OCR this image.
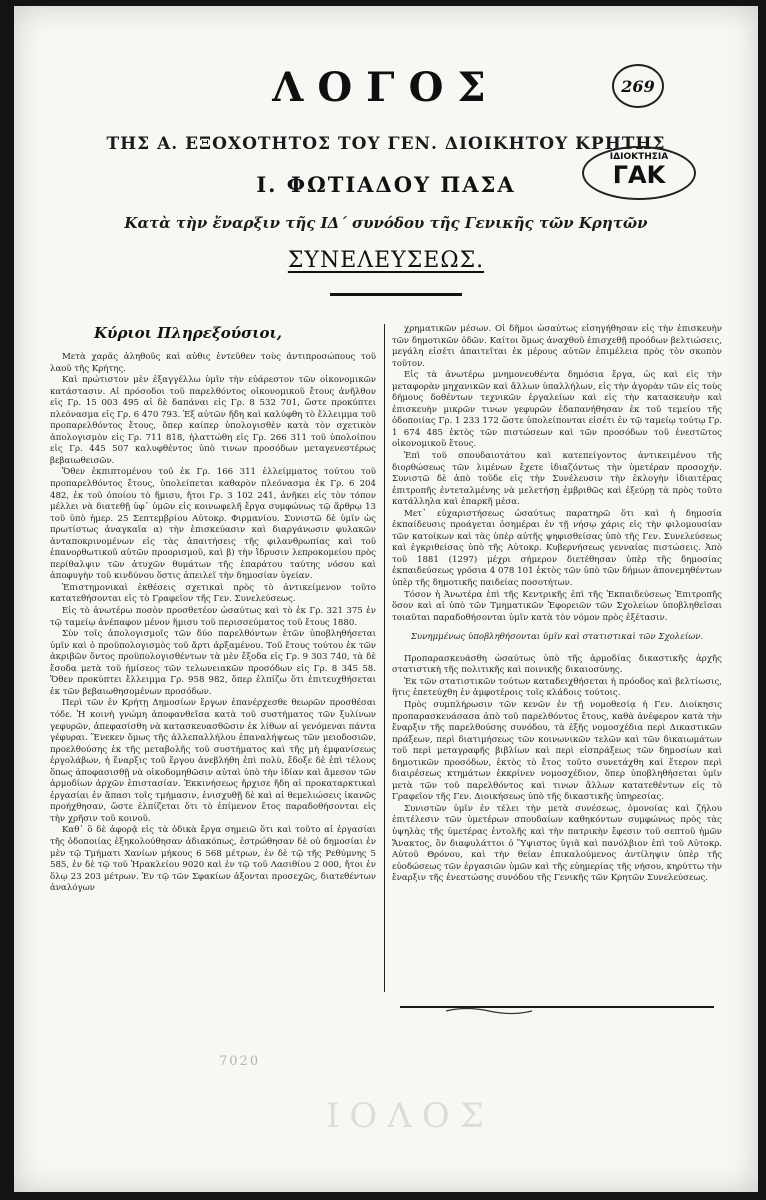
ΛΟΓΟΣ
ΤΗΣ Α. ΕΞΟΧΟΤΗΤΟΣ ΤΟΥ ΓΕΝ. ΔΙΟΙΚΗΤΟΥ ΚΡΗΤΗΣ
Ι. ΦΩΤΙΑΔΟΥ ΠΑΣΑ
Κατὰ τὴν ἔναρξιν τῆς ΙΔ΄ συνόδου τῆς Γενικῆς τῶν Κρητῶν
ΣΥΝΕΛΕΥΣΕΩΣ.
269
ΙΔΙΟΚΤΗΣΙΑ
ΓΑΚ
Κύριοι Πληρεξούσιοι,

Μετὰ χαρᾶς ἀληθοῦς καὶ αὖθις ἐντεῦθεν τοὺς ἀντιπροσώπους τοῦ λαοῦ τῆς Κρήτης.

Καὶ πρώτιστον μὲν ἐξαγγέλλω ὑμῖν τὴν εὐάρεστον τῶν οἰκονομικῶν κατάστασιν. Αἱ πρόσοδοι τοῦ παρελθόντος οἰκονομικοῦ ἔτους ἀνῆλθον εἰς Γρ. 15 003 495 αἱ δὲ δαπάναι εἰς Γρ. 8 532 701, ὥστε προκύπτει πλεόνασμα εἰς Γρ. 6 470 793. Ἐξ αὐτῶν ἤδη καὶ καλύφθη τὸ ἔλλειμμα τοῦ προπαρελθόντος ἔτους, ὅπερ καίπερ ὑπολογισθὲν κατὰ τὸν σχετικὸν ἀπολογισμὸν εἰς Γρ. 711 818, ἠλαττώθη εἰς Γρ. 266 311 τοῦ ὑπολοίπου εἰς Γρ. 445 507 καλυφθέντος ὑπὸ τινων προσόδων μεταγενεστέρως βεβαιωθεισῶν.

Ὅθεν ἐκπιπτομένου τοῦ ἐκ Γρ. 166 311 ἐλλείμματος τούτου τοῦ προπαρελθόντος ἔτους, ὑπολείπεται καθαρὸν πλεόνασμα ἐκ Γρ. 6 204 482, ἐκ τοῦ ὁποίου τὸ ἥμισυ, ἤτοι Γρ. 3 102 241, ἀνῆκει εἰς τὸν τόπον μέλλει νὰ διατεθῇ ὑφ᾿ ὑμῶν εἰς κοινωφελῆ ἔργα συμφώνως τῷ ἄρθρῳ 13 τοῦ ὑπὸ ἡμερ. 25 Σεπτεμβρίου Αὐτοκρ. Φιρμανίου. Συνιστῶ δὲ ὑμῖν ὡς πρωτίστως ἀναγκαῖα α) τὴν ἐπισκεύασιν καὶ διαργάνωσιν φυλακῶν ἀνταποκρινομένων εἰς τὰς ἀπαιτήσεις τῆς φιλανθρωπίας καὶ τοῦ ἐπανορθωτικοῦ αὐτῶν προορισμοῦ, καὶ β) τὴν ἵδρυσιν λεπροκομείου πρὸς περίθαλψιν τῶν ἀτυχῶν θυμάτων τῆς ἐπαράτου ταύτης νόσου καὶ ἀποφυγὴν τοῦ κινδύνου ὅστις ἀπειλεῖ τὴν δημοσίαν ὑγείαν.

Ἐπιστημονικαὶ ἐκθέσεις σχετικαὶ πρὸς τὸ ἀντικείμενον τοῦτο κατατεθήσονται εἰς τὸ Γραφεῖον τῆς Γεν. Συνελεύσεως.

Εἰς τὸ ἀνωτέρω ποσὸν προσθετέον ὡσαύτως καὶ τὸ ἐκ Γρ. 321 375 ἐν τῷ ταμείῳ ἀνέπαφον μένον ἥμισυ τοῦ περισσεύματος τοῦ ἔτους 1880.

Σὺν τοῖς ἀπολογισμοῖς τῶν δύο παρελθόντων ἐτῶν ὑποβληθήσεται ὑμῖν καὶ ὁ προϋπολογισμὸς τοῦ ἄρτι ἀρξαμένου. Τοῦ ἔτους τούτου ἐκ τῶν ἀκριβῶν ὄντος προϋπολογισθέντων τὰ μὲν ἔξοδα εἰς Γρ. 9 303 740, τὰ δὲ ἔσοδα μετὰ τοῦ ἡμίσεος τῶν τελωνειακῶν προσόδων εἰς Γρ. 8 345 58. Ὅθεν προκύπτει ἔλλειμμα Γρ. 958 982, ὅπερ ἐλπίζω ὅτι ἐπιτευχθήσεται ἐκ τῶν βεβαιωθησομένων προσόδων.

Περὶ τῶν ἐν Κρήτῃ Δημοσίων ἔργων ἐπανέρχεσθε θεωρῶν προσθέσαι τόδε. Ἡ κοινὴ γνώμη ἀποφανθεῖσα κατὰ τοῦ συστήματος τῶν ξυλίνων γεφυρῶν, ἀπεφασίσθη νὰ κατασκευασθῶσιν ἐκ λίθων αἱ γενόμεναι πάντα γέφυραι. Ἕνεκεν ὅμως τῆς ἀλλεπαλλήλου ἐπαναλήψεως τῶν μειοδοσιῶν, προελθούσης ἐκ τῆς μεταβολῆς τοῦ συστήματος καὶ τῆς μὴ ἐμφανίσεως ἐργολάβων, ἡ ἔναρξις τοῦ ἔργου ἀνεβλήθη ἐπὶ πολὺ, ἔδοξε δὲ ἐπὶ τέλους ὅπως ἀποφασισθῇ νὰ οἰκοδομηθῶσιν αὐταὶ ὑπὸ τὴν ἰδίαν καὶ ἄμεσον τῶν ἁρμοδίων ἀρχῶν ἐπιστασίαν. Ἐκκινήσεως ἤρχισε ἤδη αἱ προκαταρκτικαὶ ἐργασίαι ἐν ἅπασι τοῖς τμήμασιν, ἐνισχυθῇ δὲ καὶ αἱ θεμελιώσεις ἱκανῶς προήχθησαν, ὥστε ἐλπίζεται ὅτι τὸ ἐπίμενον ἔτος παραδοθήσονται εἰς τὴν χρῆσιν τοῦ κοινοῦ.

Καθ᾿ ὃ δὲ ἀφορᾷ εἰς τὰ ὁδικὰ ἔργα σημειῶ ὅτι καὶ τοῦτο αἱ ἐργασίαι τῆς ὁδοποιίας ἐξηκολούθησαν ἀδιακόπως, ἐστρώθησαν δὲ οὐ δημοσίαι ἐν μὲν τῷ Τμήματι Χανίων μήκους 6 568 μέτρων, ἐν δὲ τῷ τῆς Ρεθύμνης 5 585, ἐν δὲ τῷ τοῦ Ἡρακλείου 9020 καὶ ἐν τῷ τοῦ Λασιθίου 2 000, ἤτοι ἐν ὅλῳ 23 203 μέτρων. Ἐν τῷ τῶν Σφακίων ἀξονται προσεχῶς, διατεθέντων ἀναλόγων

χρηματικῶν μέσων. Οἱ δῆμοι ὡσαύτως εἰσηγήθησαν εἰς τὴν ἐπισκευὴν τῶν δημοτικῶν ὁδῶν. Καίτοι ὅμως ἀναχθοῦ ἐπισχεθῇ προόδων βελτιώσεις, μεγάλη εἰσέτι ἀπαιτεῖται ἐκ μέρους αὐτῶν ἐπιμέλεια πρὸς τὸν σκοπὸν τοῦτον.

Εἰς τὰ ἀνωτέρω μνημονευθέντα δημόσια ἔργα, ὡς καὶ εἰς τὴν μεταφορὰν μηχανικῶν καὶ ἄλλων ὑπαλλήλων, εἰς τὴν ἀγορὰν τῶν εἰς τοὺς δήμους δοθέντων τεχνικῶν ἐργαλείων καὶ εἰς τὴν κατασκευὴν καὶ ἐπισκευὴν μικρῶν τινων γεφυρῶν ἐδαπανήθησαν ἐκ τοῦ τεμείου τῆς ὁδοποιίας Γρ. 1 233 172 ὥστε ὑπολείπονται εἰσέτι ἐν τῷ ταμείῳ τούτῳ Γρ. 1 674 485 ἐκτὸς τῶν πιστώσεων καὶ τῶν προσόδων τοῦ ἐνεστῶτος οἰκονομικοῦ ἔτους.

Ἐπὶ τοῦ σπουδαιοτάτου καὶ κατεπείγοντος ἀντικειμένου τῆς διορθώσεως τῶν λιμένων ἔχετε ἰδιαζόντως τὴν ὑμετέραν προσοχήν. Συνιστῶ δὲ ἀπὸ τοῦδε εἰς τὴν Συνέλευσιν τὴν ἐκλογὴν ἰδιαιτέρας ἐπιτροπῆς ἐντεταλμένης νὰ μελετήσῃ ἐμβριθῶς καὶ ἐξεύρῃ τὰ πρὸς τοῦτο κατάλληλα καὶ ἐπαρκῆ μέσα.

Μετ᾿ εὐχαριστήσεως ὡσαύτως παρατηρῶ ὅτι καὶ ἡ δημοσία ἐκπαίδευσις προάγεται ὁσημέραι ἐν τῇ νήσῳ χάρις εἰς τὴν φιλομουσίαν τῶν κατοίκων καὶ τὰς ὑπὲρ αὐτῆς ψηφισθείσας ὑπὸ τῆς Γεν. Συνελεύσεως καὶ ἐγκριθείσας ὑπὸ τῆς Αὐτοκρ. Κυβερνήσεως γενναίας πιστώσεις. Ἀπὸ τοῦ 1881 (1297) μέχρι σήμερον διετέθησαν ὑπὲρ τῆς δημοσίας ἐκπαιδεύσεως γρόσια 4 078 101 ἐκτὸς τῶν ὑπὸ τῶν δήμων ἀπονεμηθέντων ὑπὲρ τῆς δημοτικῆς παιδείας ποσοτήτων.

Τόσον ἡ Ἀνωτέρα ἐπὶ τῆς Κεντρικῆς ἐπὶ τῆς Ἐκπαιδεύσεως Ἐπιτροπῆς ὅσον καὶ αἱ ὑπὸ τῶν Τμηματικῶν Ἐφορειῶν τῶν Σχολείων ὑποβληθεῖσαι τοιαῦται παραδοθήσονται ὑμῖν κατὰ τὸν νόμον πρὸς ἐξέτασιν.

Συνημμένως ὑποβληθήσονται ὑμῖν καὶ στατιστικαὶ τῶν Σχολείων.

Προπαρασκευάσθη ὡσαύτως ὑπὸ τῆς ἁρμοδίας δικαστικῆς ἀρχῆς στατιστικὴ τῆς πολιτικῆς καὶ ποινικῆς δικαιοσύνης.

Ἐκ τῶν στατιστικῶν τούτων καταδειχθήσεται ἡ πρόοδος καὶ βελτίωσις, ἥτις ἐπετεύχθη ἐν ἀμφοτέροις τοῖς κλάδοις τούτοις.

Πρὸς συμπλήρωσιν τῶν κενῶν ἐν τῇ νομοθεσίᾳ ἡ Γεν. Διοίκησις προπαρασκευάσασα ἀπὸ τοῦ παρελθόντος ἔτους, καθὰ ἀνέφερον κατὰ τὴν ἔναρξιν τῆς παρελθούσης συνόδου, τὰ ἑξῆς νομοσχέδια περὶ Δικαστικῶν πράξεων, περὶ διατιμήσεως τῶν κοινωνικῶν τελῶν καὶ τῶν δικαιωμάτων τοῦ περὶ μεταγραφῆς βιβλίων καὶ περὶ εἰσπράξεως τῶν δημοσίων καὶ δημοτικῶν προσόδων, ἐκτὸς τὸ ἔτος τοῦτο συνετάχθη καὶ ἕτερον περὶ διαιρέσεως κτημάτων ἐκκρίνεν νομοσχέδιον, ὅπερ ὑποβληθήσεται ὑμῖν μετὰ τῶν τοῦ παρελθόντος καὶ τινων ἄλλων κατατεθέντων εἰς τὸ Γραφεῖον τῆς Γεν. Διοικήσεως ὑπὸ τῆς δικαστικῆς ὑπηρεσίας.

Συνιστῶν ὑμῖν ἐν τέλει τὴν μετὰ συνέσεως, ὁμονοίας καὶ ζήλου ἐπιτέλεσιν τῶν ὑμετέρων σπουδαίων καθηκόντων συμφώνως πρὸς τὰς ὑψηλὰς τῆς ὑμετέρας ἐντολῆς καὶ τὴν πατρικὴν ἔφεσιν τοῦ σεπτοῦ ἡμῶν Ἄνακτος, ὃν διαφυλάττοι ὁ Ὕψιστος ὑγιᾶ καὶ πανόλβιον ἐπὶ τοῦ Αὐτοκρ. Αὐτοῦ Θρόνου, καὶ τὴν θείαν ἐπικαλούμενος ἀντίληψιν ὑπὲρ τῆς εὐοδώσεως τῶν ἐργασιῶν ὑμῶν καὶ τῆς εὐημερίας τῆς νήσου, κηρύττω τὴν ἔναρξιν τῆς ἐνεστώσης συνόδου τῆς Γενικῆς τῶν Κρητῶν Συνελεύσεως.

7020
ΙΟΛΟΣ
